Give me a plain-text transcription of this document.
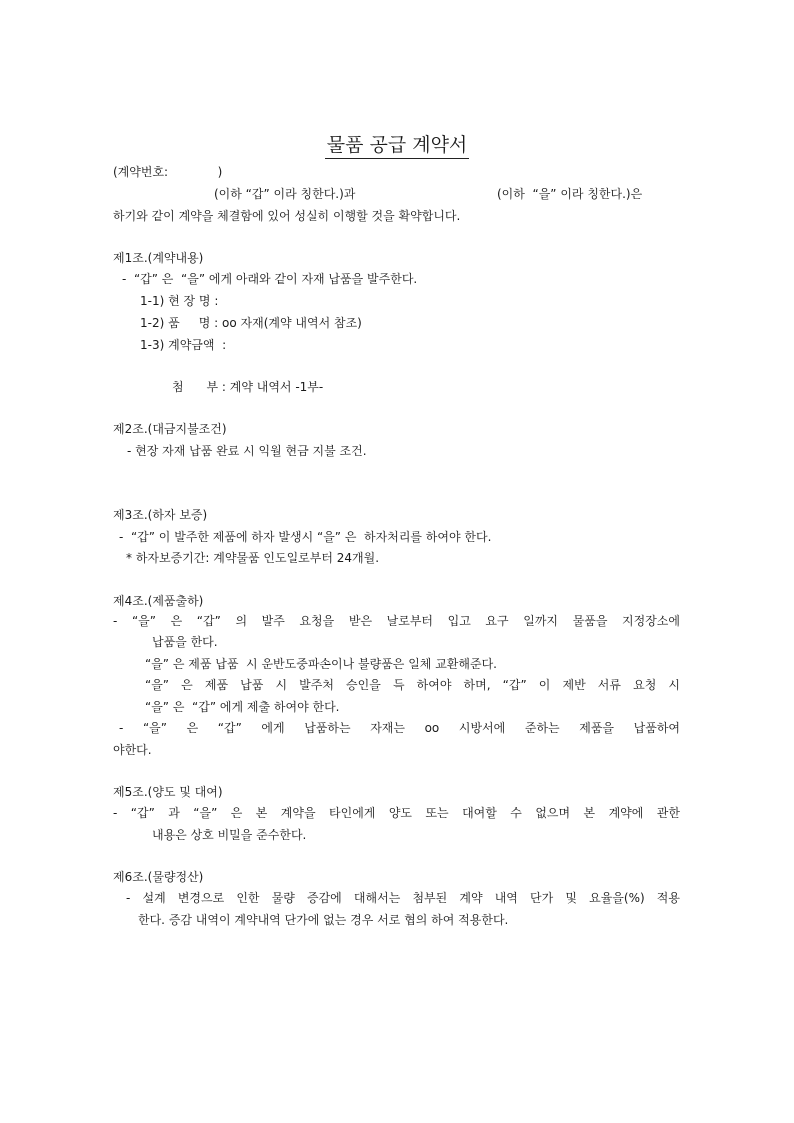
물품 공급 계약서
(계약번호:             )
(이하 “갑” 이라 칭한다.)과	(이하  “을” 이라 칭한다.)은
하기와 같이 계약을 체결함에 있어 성실히 이행할 것을 확약합니다.
제1조.(계약내용)
-  “갑” 은  “을” 에게 아래와 같이 자재 납품을 발주한다.
1-1) 현 장 명 :
1-2) 품     명 : oo 자재(계약 내역서 참조)
1-3) 계약금액  :
첨      부 : 계약 내역서 -1부-
제2조.(대금지불조건)
- 현장 자재 납품 완료 시 익월 현금 지불 조건.
제3조.(하자 보증)
-  “갑” 이 발주한 제품에 하자 발생시 “을” 은  하자처리를 하여야 한다.
* 하자보증기간: 계약물품 인도일로부터 24개월.
제4조.(제품출하)
- “을” 은 “갑” 의 발주 요청을 받은 날로부터 입고 요구 일까지 물품을 지정장소에
납품을 한다.
“을” 은 제품 납품  시 운반도중파손이나 불량품은 일체 교환해준다.
“을” 은 제품 납품 시 발주처 승인을 득 하여야 하며, “갑” 이 제반 서류 요청 시
“을” 은  “갑” 에게 제출 하여야 한다.
- “을” 은 “갑” 에게 납품하는 자재는 oo 시방서에 준하는 제품을 납품하여
야한다.
제5조.(양도 및 대여)
- “갑” 과 “을” 은 본 계약을 타인에게 양도 또는 대여할 수 없으며 본 계약에 관한
내용은 상호 비밀을 준수한다.
제6조.(물량정산)
- 설계 변경으로 인한 물량 증감에 대해서는 첨부된 계약 내역 단가 및 요율을(%) 적용
한다. 증감 내역이 계약내역 단가에 없는 경우 서로 협의 하여 적용한다.
